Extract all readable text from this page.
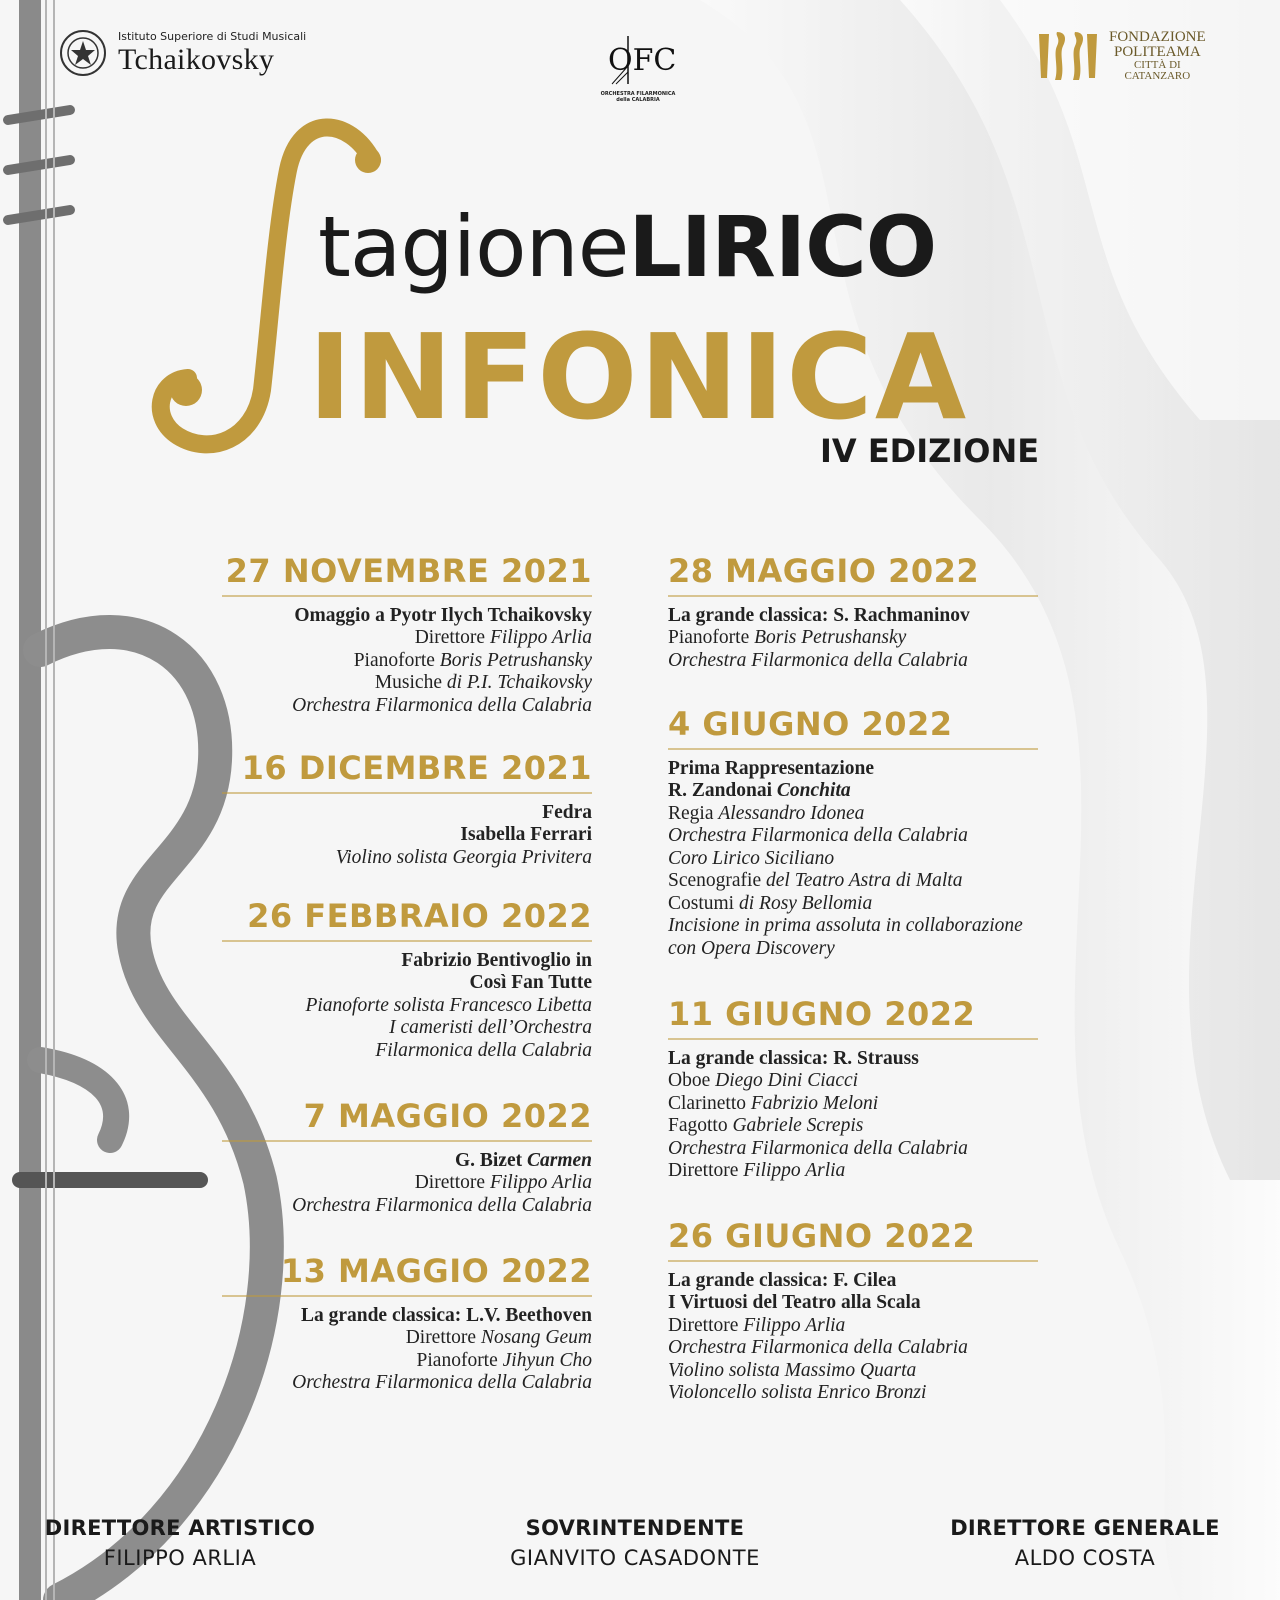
Istituto Superiore di Studi Musicali
Tchaikovsky	OFC
ORCHESTRA FILARMONICA della CALABRIA
FONDAZIONE
POLITEAMA
CITTÀ DI
CATANZARO
tagioneLIRICO
INFONICA
IV EDIZIONE
27 NOVEMBRE 2021
Omaggio a Pyotr Ilych Tchaikovsky
Direttore Filippo Arlia
Pianoforte Boris Petrushansky
Musiche di P.I. Tchaikovsky
Orchestra Filarmonica della Calabria
16 DICEMBRE 2021
Fedra
Isabella Ferrari
Violino solista Georgia Privitera
26 FEBBRAIO 2022
Fabrizio Bentivoglio in
Così Fan Tutte
Pianoforte solista Francesco Libetta
I cameristi dell’Orchestra
Filarmonica della Calabria
7 MAGGIO 2022
G. Bizet Carmen
Direttore Filippo Arlia
Orchestra Filarmonica della Calabria
13 MAGGIO 2022
La grande classica: L.V. Beethoven
Direttore Nosang Geum
Pianoforte Jihyun Cho
Orchestra Filarmonica della Calabria
28 MAGGIO 2022
La grande classica: S. Rachmaninov
Pianoforte Boris Petrushansky
Orchestra Filarmonica della Calabria
4 GIUGNO 2022
Prima Rappresentazione
R. Zandonai Conchita
Regia Alessandro Idonea
Orchestra Filarmonica della Calabria
Coro Lirico Siciliano
Scenografie del Teatro Astra di Malta
Costumi di Rosy Bellomia
Incisione in prima assoluta in collaborazione
con Opera Discovery
11 GIUGNO 2022
La grande classica: R. Strauss
Oboe Diego Dini Ciacci
Clarinetto Fabrizio Meloni
Fagotto Gabriele Screpis
Orchestra Filarmonica della Calabria
Direttore Filippo Arlia
26 GIUGNO 2022
La grande classica: F. Cilea
I Virtuosi del Teatro alla Scala
Direttore Filippo Arlia
Orchestra Filarmonica della Calabria
Violino solista Massimo Quarta
Violoncello solista Enrico Bronzi
DIRETTORE ARTISTICO
FILIPPO ARLIA
SOVRINTENDENTE
GIANVITO CASADONTE
DIRETTORE GENERALE
ALDO COSTA
